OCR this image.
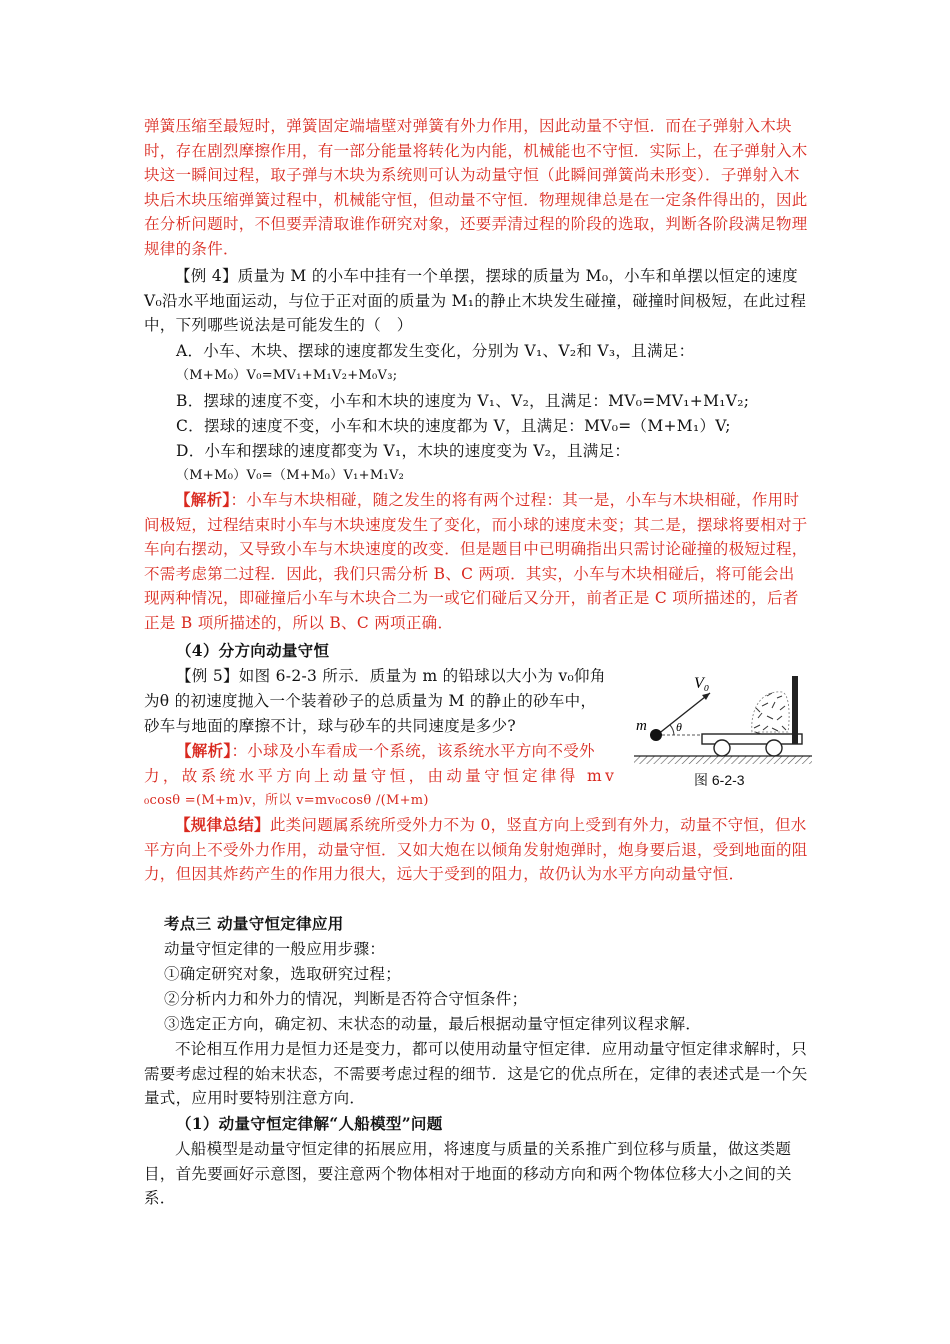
弹簧压缩至最短时，弹簧固定端墙壁对弹簧有外力作用，因此动量不守恒．而在子弹射入木块时，存在剧烈摩擦作用，有一部分能量将转化为内能，机械能也不守恒．实际上，在子弹射入木块这一瞬间过程，取子弹与木块为系统则可认为动量守恒（此瞬间弹簧尚未形变）．子弹射入木块后木块压缩弹簧过程中，机械能守恒，但动量不守恒．物理规律总是在一定条件得出的，因此在分析问题时，不但要弄清取谁作研究对象，还要弄清过程的阶段的选取，判断各阶段满足物理规律的条件．
【例 4】质量为 M 的小车中挂有一个单摆，摆球的质量为 M₀，小车和单摆以恒定的速度 V₀沿水平地面运动，与位于正对面的质量为 M₁的静止木块发生碰撞，碰撞时间极短，在此过程中，下列哪些说法是可能发生的（　）
A．小车、木块、摆球的速度都发生变化，分别为 V₁、V₂和 V₃，且满足：
（M+M₀）V₀=MV₁+M₁V₂+M₀V₃;
B．摆球的速度不变，小车和木块的速度为 V₁、V₂，且满足：MV₀=MV₁+M₁V₂;
C．摆球的速度不变，小车和木块的速度都为 V，且满足：MV₀=（M+M₁）V;
D．小车和摆球的速度都变为 V₁，木块的速度变为 V₂，且满足：
（M+M₀）V₀=（M+M₀）V₁+M₁V₂
【解析】：小车与木块相碰，随之发生的将有两个过程：其一是，小车与木块相碰，作用时间极短，过程结束时小车与木块速度发生了变化，而小球的速度未变；其二是，摆球将要相对于车向右摆动，又导致小车与木块速度的改变．但是题目中已明确指出只需讨论碰撞的极短过程，不需考虑第二过程．因此，我们只需分析 B、C 两项．其实，小车与木块相碰后，将可能会出现两种情况，即碰撞后小车与木块合二为一或它们碰后又分开，前者正是 C 项所描述的，后者正是 B 项所描述的，所以 B、C 两项正确．
（4）分方向动量守恒
【例 5】如图 6-2-3 所示．质量为 m 的铅球以大小为 v₀仰角
为θ 的初速度抛入一个装着砂子的总质量为 M 的静止的砂车中，
砂车与地面的摩擦不计，球与砂车的共同速度是多少?
【解析】：小球及小车看成一个系统，该系统水平方向不受外
力，故系统水平方向上动量守恒，由动量守恒定律得 mv
₀cosθ =(M+m)v，所以 v=mv₀cosθ /(M+m)
V₀
m θ
图 6-2-3
【规律总结】此类问题属系统所受外力不为 0，竖直方向上受到有外力，动量不守恒，但水平方向上不受外力作用，动量守恒．又如大炮在以倾角发射炮弹时，炮身要后退，受到地面的阻力，但因其炸药产生的作用力很大，远大于受到的阻力，故仍认为水平方向动量守恒．
考点三 动量守恒定律应用
动量守恒定律的一般应用步骤：
①确定研究对象，选取研究过程；
②分析内力和外力的情况，判断是否符合守恒条件；
③选定正方向，确定初、末状态的动量，最后根据动量守恒定律列议程求解．
不论相互作用力是恒力还是变力，都可以使用动量守恒定律．应用动量守恒定律求解时，只需要考虑过程的始末状态，不需要考虑过程的细节．这是它的优点所在，定律的表述式是一个矢量式，应用时要特别注意方向．
（1）动量守恒定律解“人船模型”问题
人船模型是动量守恒定律的拓展应用，将速度与质量的关系推广到位移与质量，做这类题目，首先要画好示意图，要注意两个物体相对于地面的移动方向和两个物体位移大小之间的关系．
